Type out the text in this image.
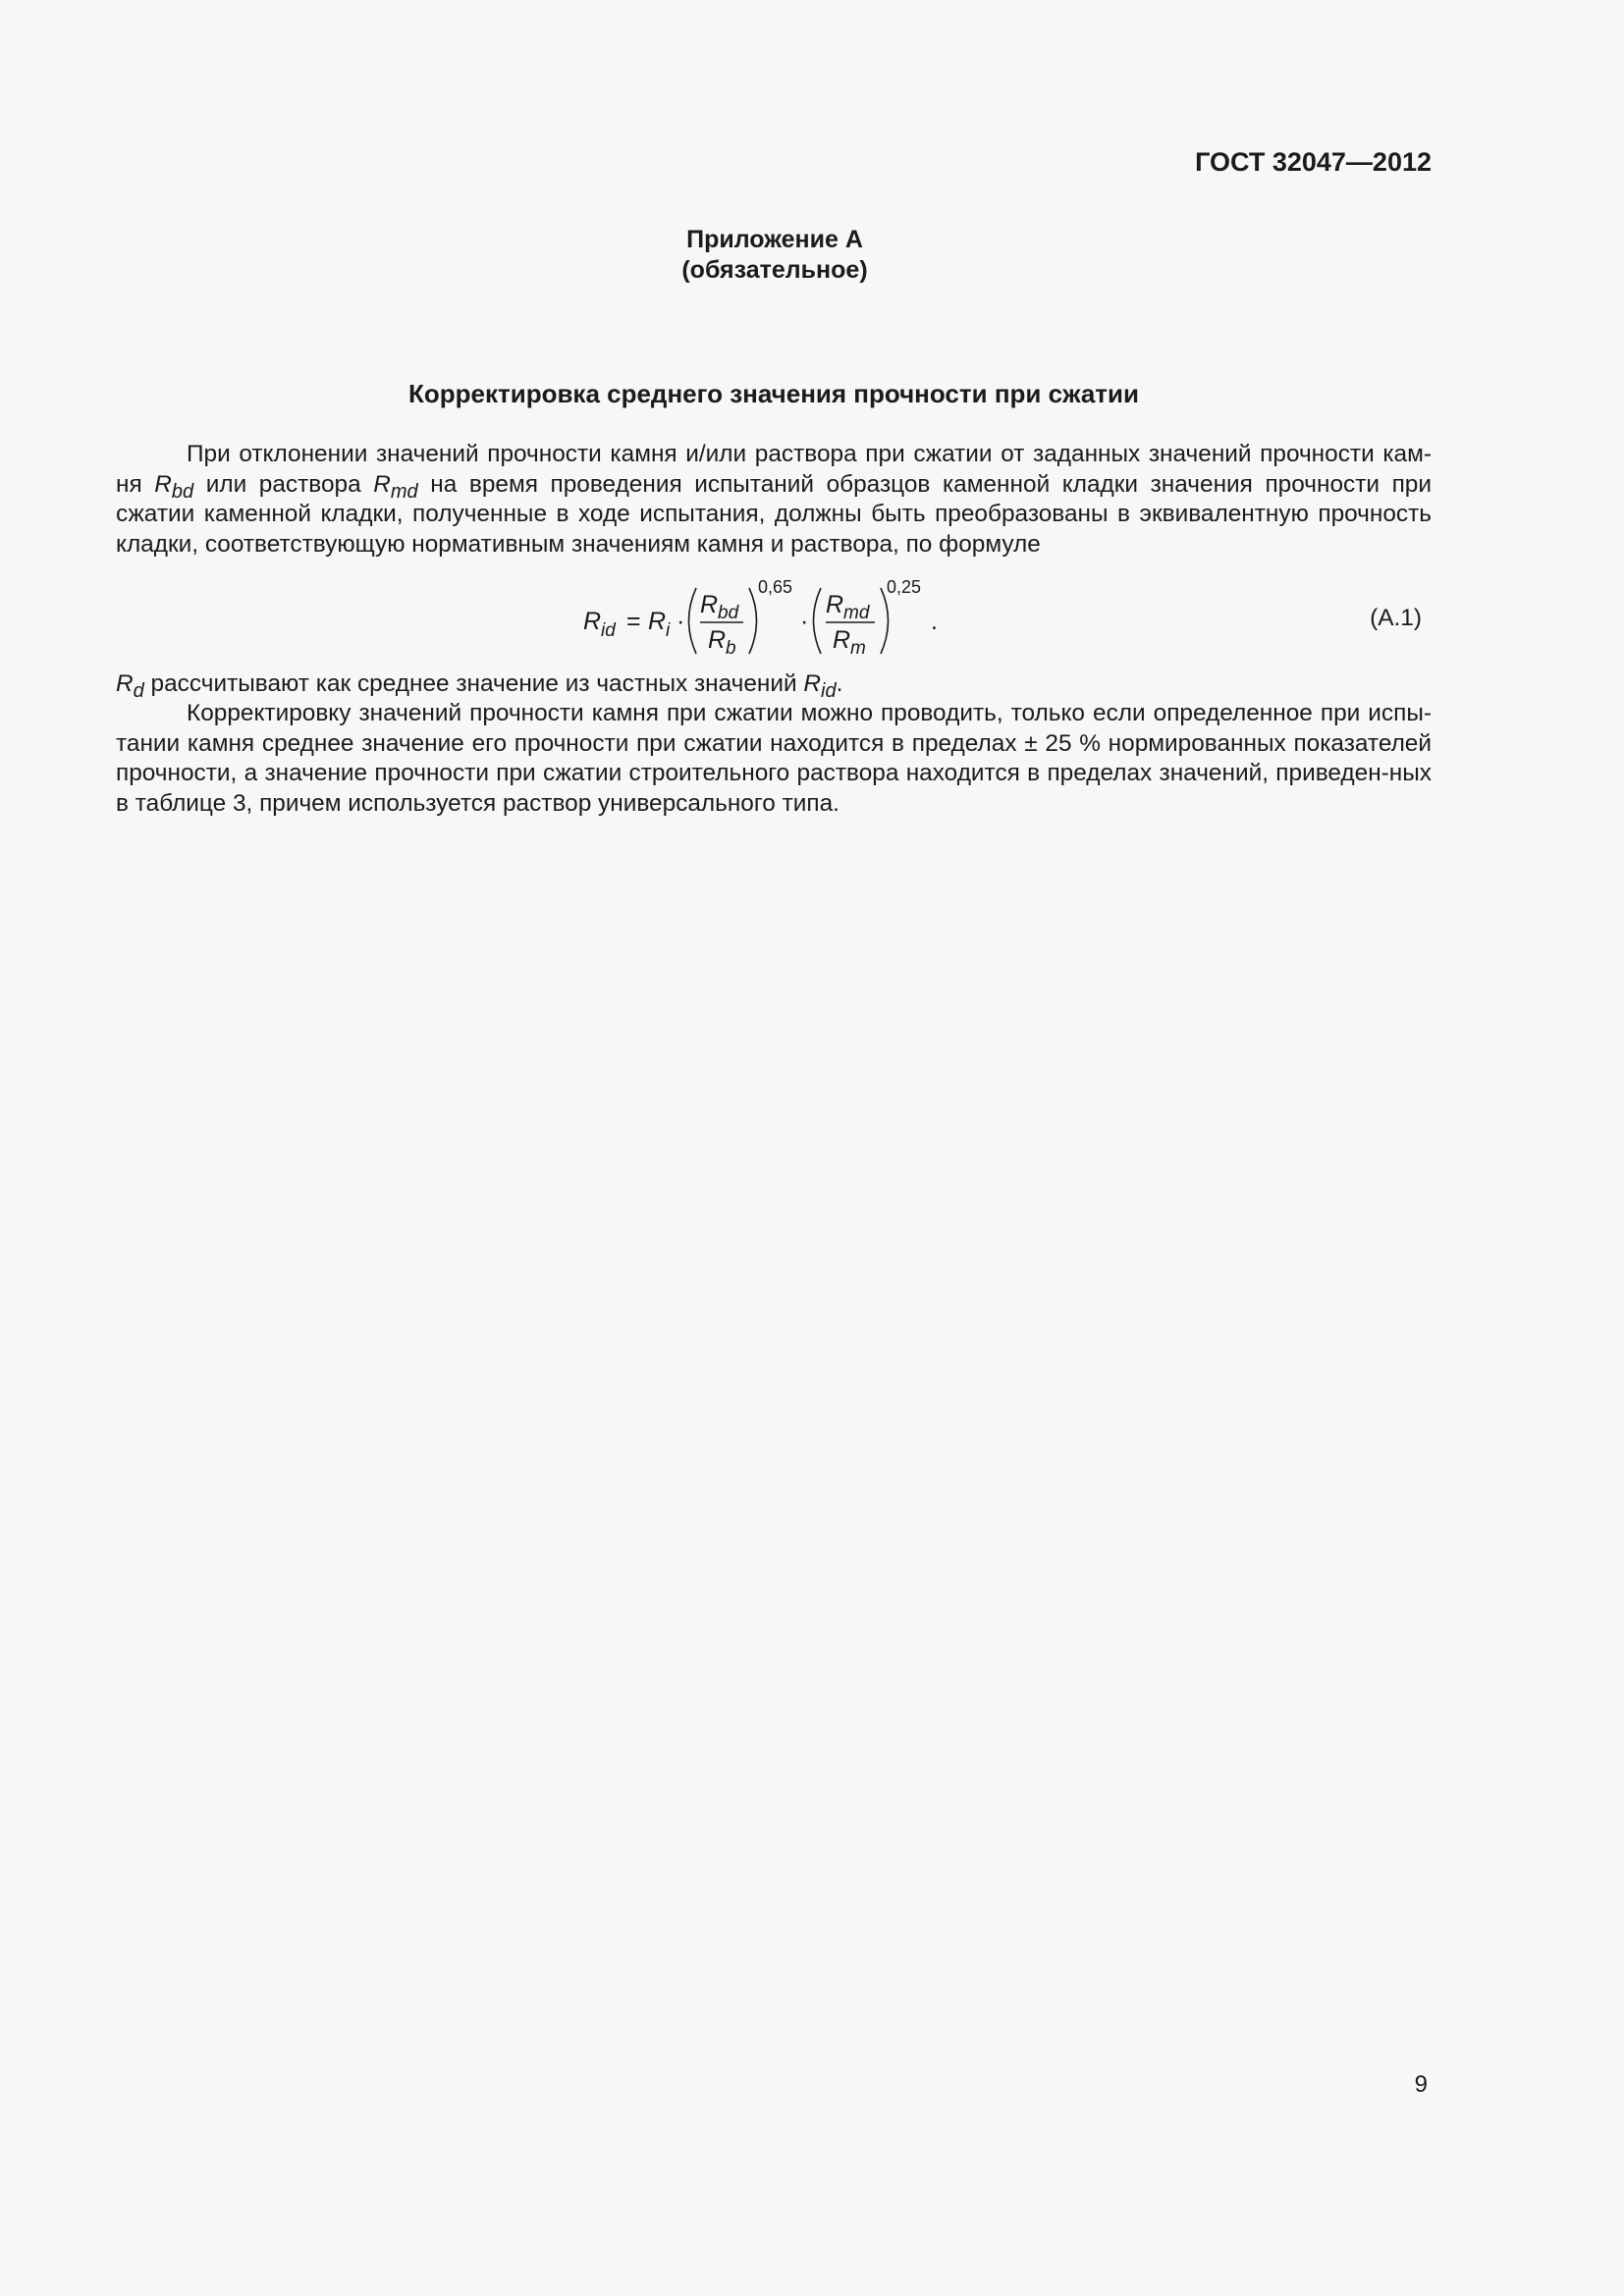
ГОСТ 32047—2012
Приложение А
(обязательное)
Корректировка среднего значения прочности при сжатии
При отклонении значений прочности камня и/или раствора при сжатии от заданных значений прочности кам-ня $R_{bd}$ или раствора $R_{md}$ на время проведения испытаний образцов каменной кладки значения прочности при сжатии каменной кладки, полученные в ходе испытания, должны быть преобразованы в эквивалентную прочность кладки, соответствующую нормативным значениям камня и раствора, по формуле
R id = R i ·
R bd
R b
0,65
·
R md
R m
0,25
.	(А.1)
$R_d$ рассчитывают как среднее значение из частных значений $R_{id}$.
Корректировку значений прочности камня при сжатии можно проводить, только если определенное при испы-тании камня среднее значение его прочности при сжатии находится в пределах ± 25 % нормированных показателей прочности, а значение прочности при сжатии строительного раствора находится в пределах значений, приведен-ных в таблице 3, причем используется раствор универсального типа.
9
